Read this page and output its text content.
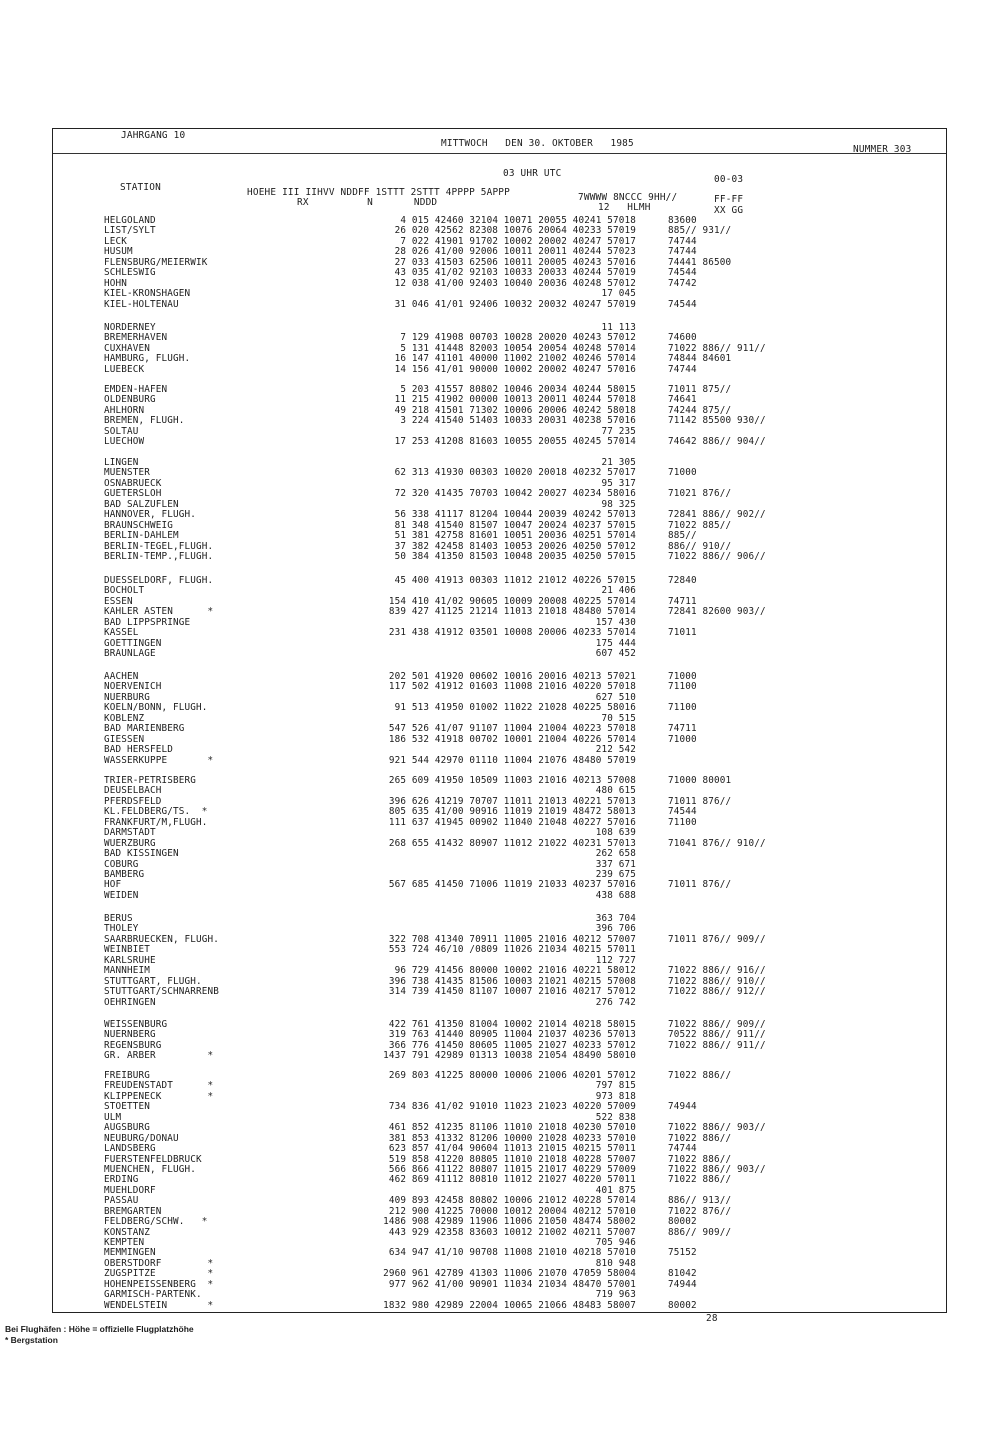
JAHRGANG 10
MITTWOCH   DEN 30. OKTOBER   1985
NUMMER 303
03 UHR UTC
STATION	HOEHE III IIHVV NDDFF 1STTT 2STTT 4PPPP 5APPP
RX          N       NDDD	7WWWW 8NCCC 9HH//
12   HLMH
00-03
FF-FF
XX GG
HELGOLAND	4 015 42460 32104 10071 20055 40241 57018	83600
LIST/SYLT	26 020 42562 82308 10076 20064 40233 57019	885// 931//
LECK	7 022 41901 91702 10002 20002 40247 57017	74744
HUSUM	28 026 41/00 92006 10011 20011 40244 57023	74744
FLENSBURG/MEIERWIK	27 033 41503 62506 10011 20005 40243 57016	74441 86500
SCHLESWIG	43 035 41/02 92103 10033 20033 40244 57019	74544
HOHN	12 038 41/00 92403 10040 20036 40248 57012	74742
KIEL-KRONSHAGEN	17 045
KIEL-HOLTENAU	31 046 41/01 92406 10032 20032 40247 57019	74544
NORDERNEY	11 113
BREMERHAVEN	7 129 41908 00703 10028 20020 40243 57012	74600
CUXHAVEN	5 131 41448 82003 10054 20054 40248 57014	71022 886// 911//
HAMBURG, FLUGH.	16 147 41101 40000 11002 21002 40246 57014	74844 84601
LUEBECK	14 156 41/01 90000 10002 20002 40247 57016	74744
EMDEN-HAFEN	5 203 41557 80802 10046 20034 40244 58015	71011 875//
OLDENBURG	11 215 41902 00000 10013 20011 40244 57018	74641
AHLHORN	49 218 41501 71302 10006 20006 40242 58018	74244 875//
BREMEN, FLUGH.	3 224 41540 51403 10033 20031 40238 57016	71142 85500 930//
SOLTAU	77 235
LUECHOW	17 253 41208 81603 10055 20055 40245 57014	74642 886// 904//
LINGEN	21 305
MUENSTER	62 313 41930 00303 10020 20018 40232 57017	71000
OSNABRUECK	95 317
GUETERSLOH	72 320 41435 70703 10042 20027 40234 58016	71021 876//
BAD SALZUFLEN	98 325
HANNOVER, FLUGH.	56 338 41117 81204 10044 20039 40242 57013	72841 886// 902//
BRAUNSCHWEIG	81 348 41540 81507 10047 20024 40237 57015	71022 885//
BERLIN-DAHLEM	51 381 42758 81601 10051 20036 40251 57014	885//
BERLIN-TEGEL,FLUGH.	37 382 42458 81403 10053 20026 40250 57012	886// 910//
BERLIN-TEMP.,FLUGH.	50 384 41350 81503 10048 20035 40250 57015	71022 886// 906//
DUESSELDORF, FLUGH.	45 400 41913 00303 11012 21012 40226 57015	72840
BOCHOLT	21 406
ESSEN	154 410 41/02 90605 10009 20008 40225 57014	74711
KAHLER ASTEN      *	839 427 41125 21214 11013 21018 48480 57014	72841 82600 903//
BAD LIPPSPRINGE	157 430
KASSEL	231 438 41912 03501 10008 20006 40233 57014	71011
GOETTINGEN	175 444
BRAUNLAGE	607 452
AACHEN	202 501 41920 00602 10016 20016 40213 57021	71000
NOERVENICH	117 502 41912 01603 11008 21016 40220 57018	71100
NUERBURG	627 510
KOELN/BONN, FLUGH.	91 513 41950 01002 11022 21028 40225 58016	71100
KOBLENZ	70 515
BAD MARIENBERG	547 526 41/07 91107 11004 21004 40223 57018	74711
GIESSEN	186 532 41918 00702 10001 21004 40226 57014	71000
BAD HERSFELD	212 542
WASSERKUPPE       *	921 544 42970 01110 11004 21076 48480 57019
TRIER-PETRISBERG	265 609 41950 10509 11003 21016 40213 57008	71000 80001
DEUSELBACH	480 615
PFERDSFELD	396 626 41219 70707 11011 21013 40221 57013	71011 876//
KL.FELDBERG/TS.  *	805 635 41/00 90916 11019 21019 48472 58013	74544
FRANKFURT/M,FLUGH.	111 637 41945 00902 11040 21048 40227 57016	71100
DARMSTADT	108 639
WUERZBURG	268 655 41432 80907 11012 21022 40231 57013	71041 876// 910//
BAD KISSINGEN	262 658
COBURG	337 671
BAMBERG	239 675
HOF	567 685 41450 71006 11019 21033 40237 57016	71011 876//
WEIDEN	438 688
BERUS	363 704
THOLEY	396 706
SAARBRUECKEN, FLUGH.	322 708 41340 70911 11005 21016 40212 57007	71011 876// 909//
WEINBIET	553 724 46/10 /0809 11026 21034 40215 57011
KARLSRUHE	112 727
MANNHEIM	96 729 41456 80000 10002 21016 40221 58012	71022 886// 916//
STUTTGART, FLUGH.	396 738 41435 81506 10003 21021 40215 57008	71022 886// 910//
STUTTGART/SCHNARRENB	314 739 41450 81107 10007 21016 40217 57012	71022 886// 912//
OEHRINGEN	276 742
WEISSENBURG	422 761 41350 81004 10002 21014 40218 58015	71022 886// 909//
NUERNBERG	319 763 41440 80905 11004 21037 40236 57013	70522 886// 911//
REGENSBURG	366 776 41450 80605 11005 21027 40233 57012	71022 886// 911//
GR. ARBER         *	1437 791 42989 01313 10038 21054 48490 58010
FREIBURG	269 803 41225 80000 10006 21006 40201 57012	71022 886//
FREUDENSTADT      *	797 815
KLIPPENECK        *	973 818
STOETTEN	734 836 41/02 91010 11023 21023 40220 57009	74944
ULM	522 838
AUGSBURG	461 852 41235 81106 11010 21018 40230 57010	71022 886// 903//
NEUBURG/DONAU	381 853 41332 81206 10000 21028 40233 57010	71022 886//
LANDSBERG	623 857 41/04 90604 11013 21015 40215 57011	74744
FUERSTENFELDBRUCK	519 858 41220 80805 11010 21018 40228 57007	71022 886//
MUENCHEN, FLUGH.	566 866 41122 80807 11015 21017 40229 57009	71022 886// 903//
ERDING	462 869 41112 80810 11012 21027 40220 57011	71022 886//
MUEHLDORF	401 875
PASSAU	409 893 42458 80802 10006 21012 40228 57014	886// 913//
BREMGARTEN	212 900 41225 70000 10012 20004 40212 57010	71022 876//
FELDBERG/SCHW.   *	1486 908 42989 11906 11006 21050 48474 58002	80002
KONSTANZ	443 929 42358 83603 10012 21002 40211 57007	886// 909//
KEMPTEN	705 946
MEMMINGEN	634 947 41/10 90708 11008 21010 40218 57010	75152
OBERSTDORF        *	810 948
ZUGSPITZE         *	2960 961 42789 41303 11006 21070 47059 58004	81042
HOHENPEISSENBERG  *	977 962 41/00 90901 11034 21034 48470 57001	74944
GARMISCH-PARTENK.	719 963
WENDELSTEIN       *	1832 980 42989 22004 10065 21066 48483 58007	80002
28
Bei Flughäfen : Höhe = offizielle Flugplatzhöhe
* Bergstation
